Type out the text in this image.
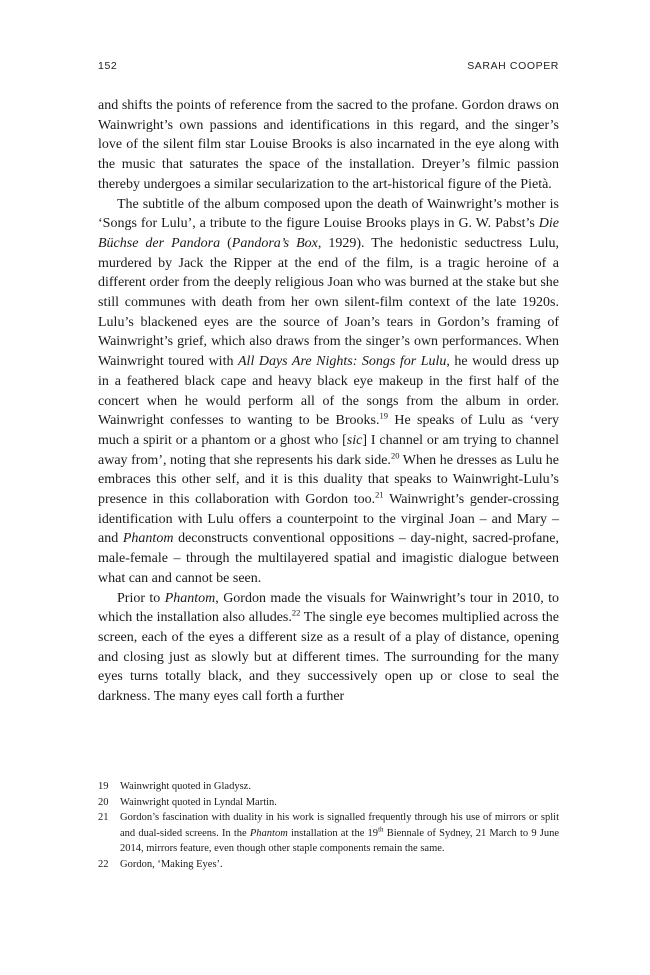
152	SARAH COOPER

and shifts the points of reference from the sacred to the profane. Gordon draws on Wainwright’s own passions and identifications in this regard, and the singer’s love of the silent film star Louise Brooks is also incarnated in the eye along with the music that saturates the space of the installation. Dreyer’s filmic passion thereby undergoes a similar secularization to the art-historical figure of the Pietà.

The subtitle of the album composed upon the death of Wainwright’s mother is ‘Songs for Lulu’, a tribute to the figure Louise Brooks plays in G. W. Pabst’s Die Büchse der Pandora (Pandora’s Box, 1929). The hedonistic seductress Lulu, murdered by Jack the Ripper at the end of the film, is a tragic heroine of a different order from the deeply religious Joan who was burned at the stake but she still communes with death from her own silent-film context of the late 1920s. Lulu’s blackened eyes are the source of Joan’s tears in Gordon’s framing of Wainwright’s grief, which also draws from the singer’s own performances. When Wainwright toured with All Days Are Nights: Songs for Lulu, he would dress up in a feathered black cape and heavy black eye makeup in the first half of the concert when he would perform all of the songs from the album in order. Wainwright confesses to wanting to be Brooks.$^{19}$ He speaks of Lulu as ‘very much a spirit or a phantom or a ghost who [sic] I channel or am trying to channel away from’, noting that she represents his dark side.$^{20}$ When he dresses as Lulu he embraces this other self, and it is this duality that speaks to Wainwright-Lulu’s presence in this collaboration with Gordon too.$^{21}$ Wainwright’s gender-crossing identification with Lulu offers a counterpoint to the virginal Joan – and Mary – and Phantom deconstructs conventional oppositions – day-night, sacred-profane, male-female – through the multilayered spatial and imagistic dialogue between what can and cannot be seen.

Prior to Phantom, Gordon made the visuals for Wainwright’s tour in 2010, to which the installation also alludes.$^{22}$ The single eye becomes multiplied across the screen, each of the eyes a different size as a result of a play of distance, opening and closing just as slowly but at different times. The surrounding for the many eyes turns totally black, and they successively open up or close to seal the darkness. The many eyes call forth a further

19 Wainwright quoted in Gladysz.
20 Wainwright quoted in Lyndal Martin.
21 Gordon’s fascination with duality in his work is signalled frequently through his use of mirrors or split and dual-sided screens. In the Phantom installation at the 19th Biennale of Sydney, 21 March to 9 June 2014, mirrors feature, even though other staple components remain the same.
22 Gordon, ‘Making Eyes’.
